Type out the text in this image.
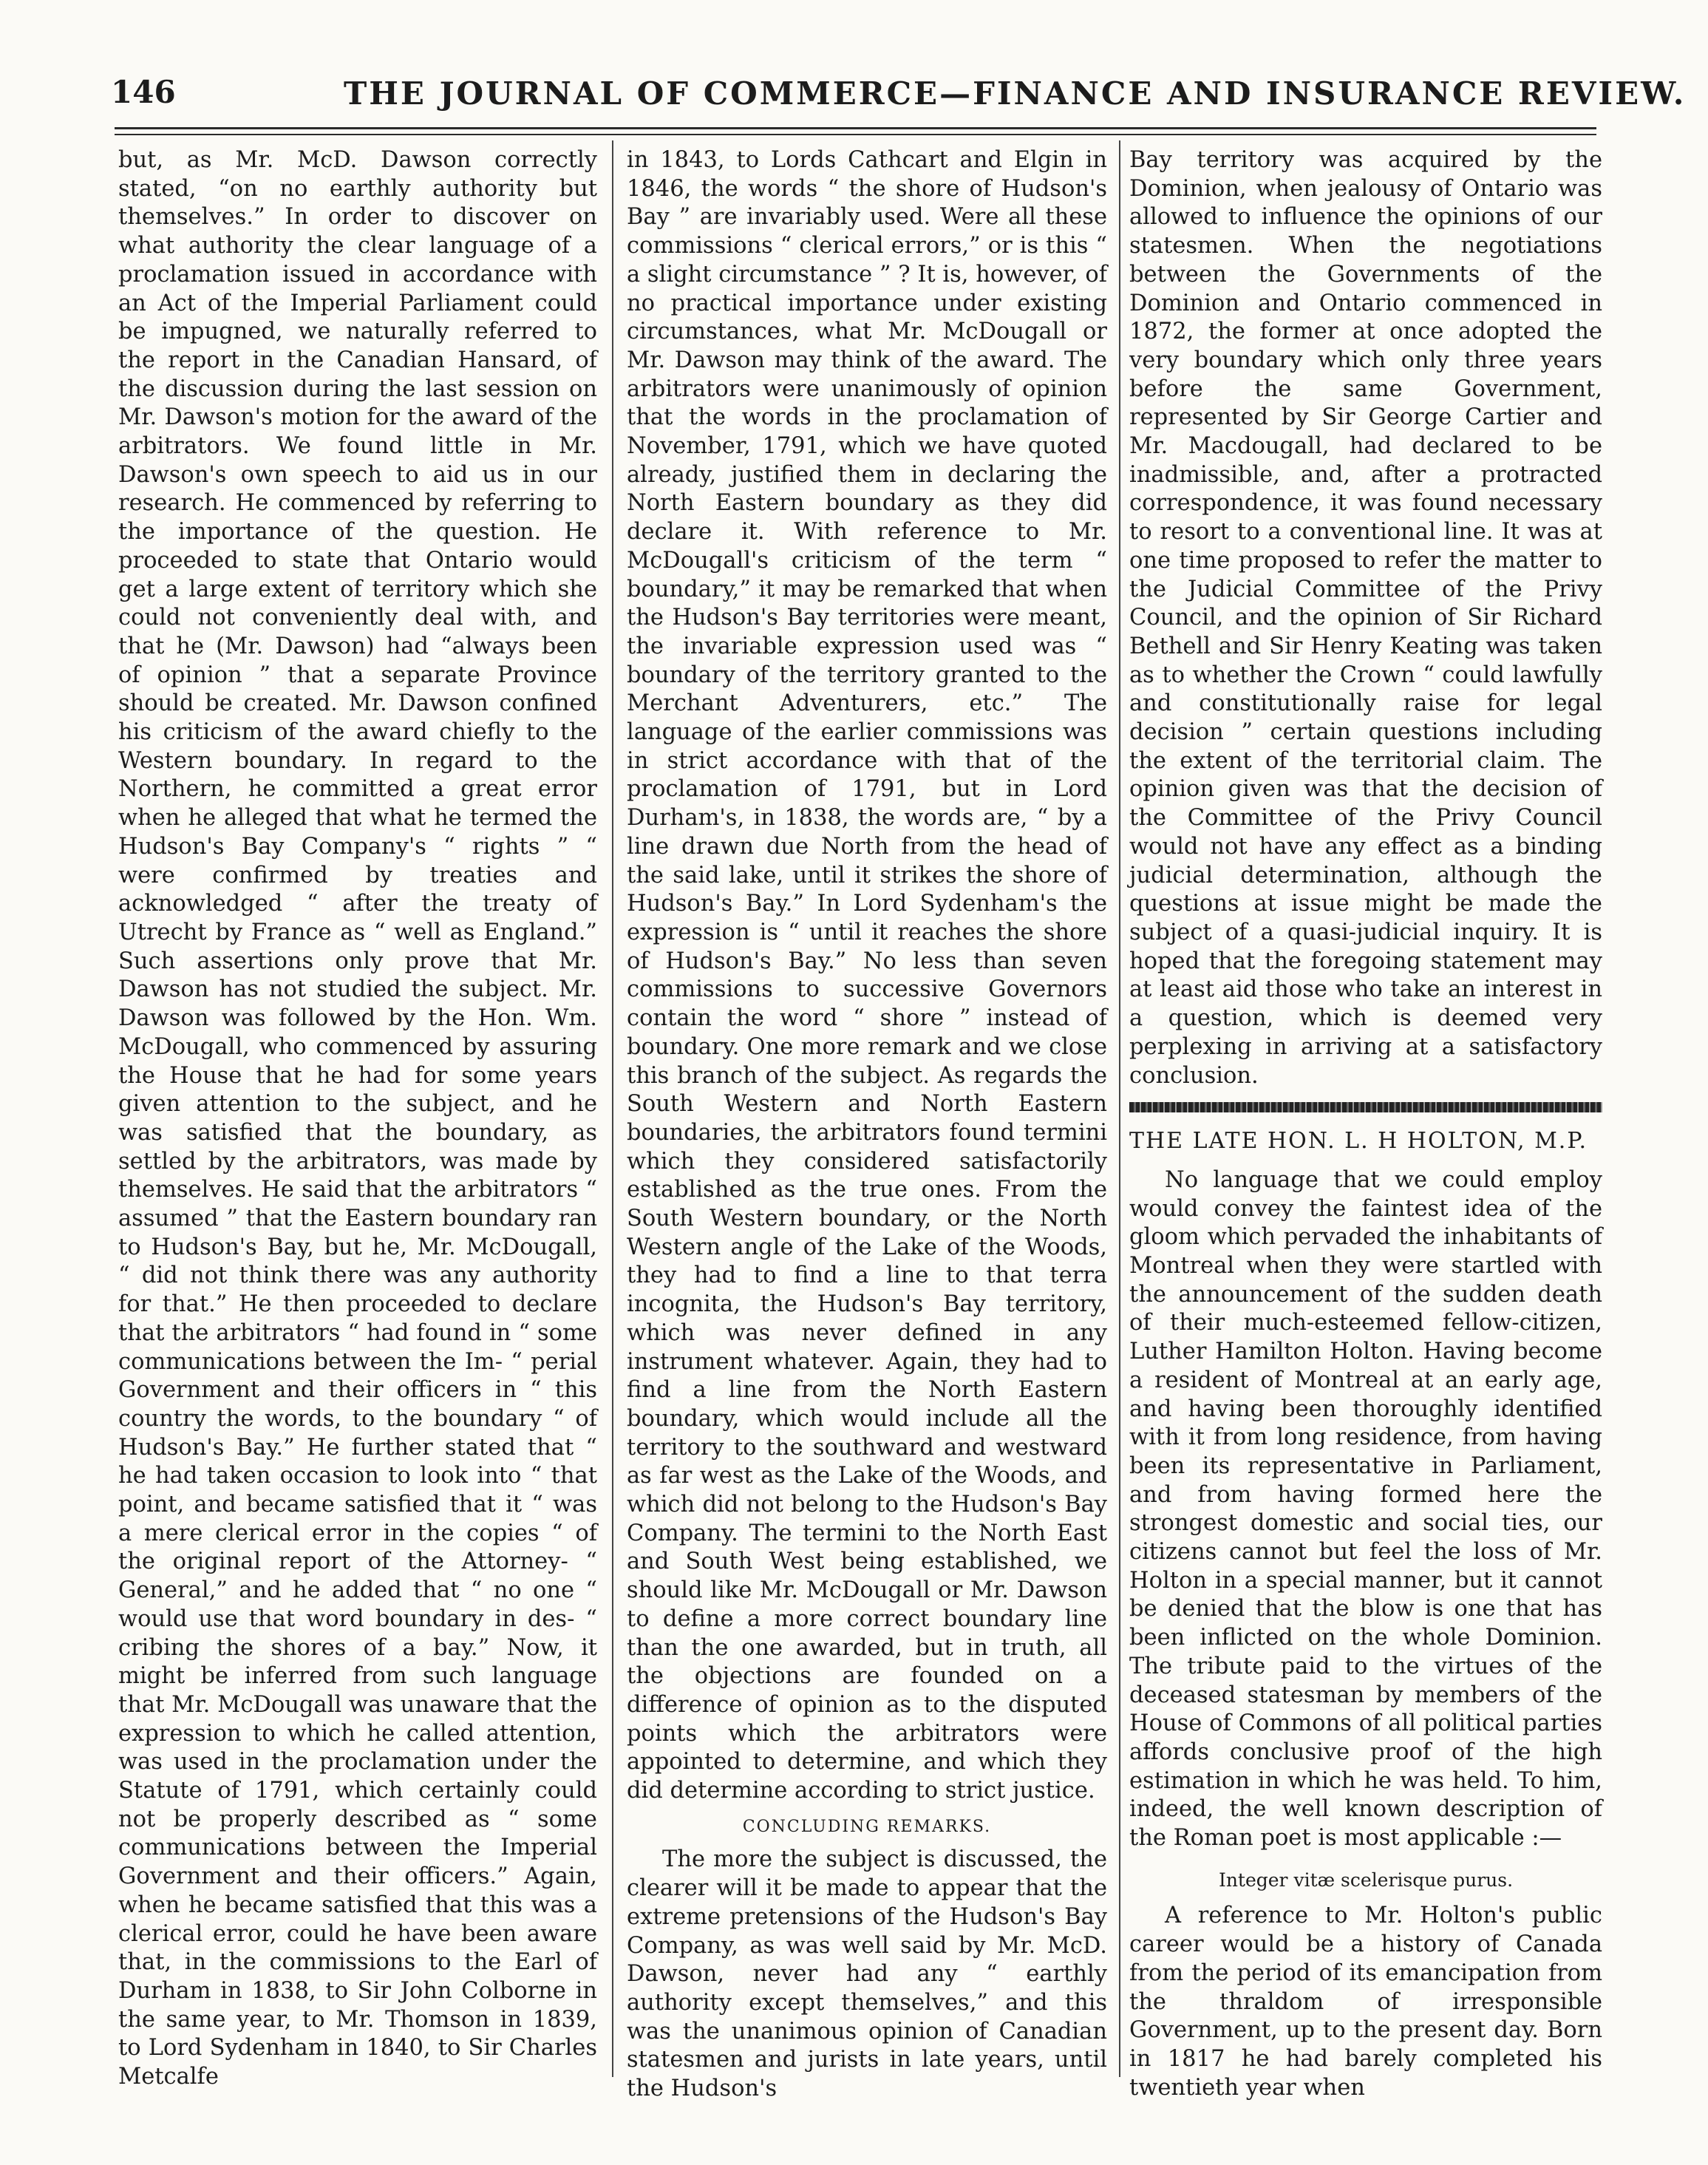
146	THE JOURNAL OF COMMERCE—FINANCE AND INSURANCE REVIEW.

but, as Mr. McD. Dawson correctly stated, “on no earthly authority but themselves.” In order to discover on what authority the clear language of a proclamation issued in accordance with an Act of the Imperial Parliament could be impugned, we naturally referred to the report in the Canadian Hansard, of the discussion during the last session on Mr. Dawson's motion for the award of the arbitrators. We found little in Mr. Dawson's own speech to aid us in our research. He commenced by referring to the importance of the question. He proceeded to state that Ontario would get a large extent of territory which she could not conveniently deal with, and that he (Mr. Dawson) had “always been of opinion ” that a separate Province should be created. Mr. Dawson confined his criticism of the award chiefly to the Western boundary. In regard to the Northern, he committed a great error when he alleged that what he termed the Hudson's Bay Company's “ rights ” “ were confirmed by treaties and acknowledged “ after the treaty of Utrecht by France as “ well as England.” Such assertions only prove that Mr. Dawson has not studied the subject. Mr. Dawson was followed by the Hon. Wm. McDougall, who commenced by assuring the House that he had for some years given attention to the subject, and he was satisfied that the boundary, as settled by the arbitrators, was made by themselves. He said that the arbitrators “ assumed ” that the Eastern boundary ran to Hudson's Bay, but he, Mr. McDougall, “ did not think there was any authority for that.” He then proceeded to declare that the arbitrators “ had found in “ some communications between the Im- “ perial Government and their officers in “ this country the words, to the boundary “ of Hudson's Bay.” He further stated that “ he had taken occasion to look into “ that point, and became satisfied that it “ was a mere clerical error in the copies “ of the original report of the Attorney- “ General,” and he added that “ no one “ would use that word boundary in des- “ cribing the shores of a bay.” Now, it might be inferred from such language that Mr. McDougall was unaware that the expression to which he called attention, was used in the proclamation under the Statute of 1791, which certainly could not be properly described as “ some communications between the Imperial Government and their officers.” Again, when he became satisfied that this was a clerical error, could he have been aware that, in the commissions to the Earl of Durham in 1838, to Sir John Colborne in the same year, to Mr. Thomson in 1839, to Lord Sydenham in 1840, to Sir Charles Metcalfe

in 1843, to Lords Cathcart and Elgin in 1846, the words “ the shore of Hudson's Bay ” are invariably used. Were all these commissions “ clerical errors,” or is this “ a slight circumstance ” ? It is, however, of no practical importance under existing circumstances, what Mr. McDougall or Mr. Dawson may think of the award. The arbitrators were unanimously of opinion that the words in the proclamation of November, 1791, which we have quoted already, justified them in declaring the North Eastern boundary as they did declare it. With reference to Mr. McDougall's criticism of the term “ boundary,” it may be remarked that when the Hudson's Bay territories were meant, the invariable expression used was “ boundary of the territory granted to the Merchant Adventurers, etc.” The language of the earlier commissions was in strict accordance with that of the proclamation of 1791, but in Lord Durham's, in 1838, the words are, “ by a line drawn due North from the head of the said lake, until it strikes the shore of Hudson's Bay.” In Lord Sydenham's the expression is “ until it reaches the shore of Hudson's Bay.” No less than seven commissions to successive Governors contain the word “ shore ” instead of boundary. One more remark and we close this branch of the subject. As regards the South Western and North Eastern boundaries, the arbitrators found termini which they considered satisfactorily established as the true ones. From the South Western boundary, or the North Western angle of the Lake of the Woods, they had to find a line to that terra incognita, the Hudson's Bay territory, which was never defined in any instrument whatever. Again, they had to find a line from the North Eastern boundary, which would include all the territory to the southward and westward as far west as the Lake of the Woods, and which did not belong to the Hudson's Bay Company. The termini to the North East and South West being established, we should like Mr. McDougall or Mr. Dawson to define a more correct boundary line than the one awarded, but in truth, all the objections are founded on a difference of opinion as to the disputed points which the arbitrators were appointed to determine, and which they did determine according to strict justice.

CONCLUDING REMARKS.

The more the subject is discussed, the clearer will it be made to appear that the extreme pretensions of the Hudson's Bay Company, as was well said by Mr. McD. Dawson, never had any “ earthly authority except themselves,” and this was the unanimous opinion of Canadian statesmen and jurists in late years, until the Hudson's

Bay territory was acquired by the Dominion, when jealousy of Ontario was allowed to influence the opinions of our statesmen. When the negotiations between the Governments of the Dominion and Ontario commenced in 1872, the former at once adopted the very boundary which only three years before the same Government, represented by Sir George Cartier and Mr. Macdougall, had declared to be inadmissible, and, after a protracted correspondence, it was found necessary to resort to a conventional line. It was at one time proposed to refer the matter to the Judicial Committee of the Privy Council, and the opinion of Sir Richard Bethell and Sir Henry Keating was taken as to whether the Crown “ could lawfully and constitutionally raise for legal decision ” certain questions including the extent of the territorial claim. The opinion given was that the decision of the Committee of the Privy Council would not have any effect as a binding judicial determination, although the questions at issue might be made the subject of a quasi-judicial inquiry. It is hoped that the foregoing statement may at least aid those who take an interest in a question, which is deemed very perplexing in arriving at a satisfactory conclusion.

THE LATE HON. L. H HOLTON, M.P.

No language that we could employ would convey the faintest idea of the gloom which pervaded the inhabitants of Montreal when they were startled with the announcement of the sudden death of their much-esteemed fellow-citizen, Luther Hamilton Holton. Having become a resident of Montreal at an early age, and having been thoroughly identified with it from long residence, from having been its representative in Parliament, and from having formed here the strongest domestic and social ties, our citizens cannot but feel the loss of Mr. Holton in a special manner, but it cannot be denied that the blow is one that has been inflicted on the whole Dominion. The tribute paid to the virtues of the deceased statesman by members of the House of Commons of all political parties affords conclusive proof of the high estimation in which he was held. To him, indeed, the well known description of the Roman poet is most applicable :—

Integer vitæ scelerisque purus.

A reference to Mr. Holton's public career would be a history of Canada from the period of its emancipation from the thraldom of irresponsible Government, up to the present day. Born in 1817 he had barely completed his twentieth year when
